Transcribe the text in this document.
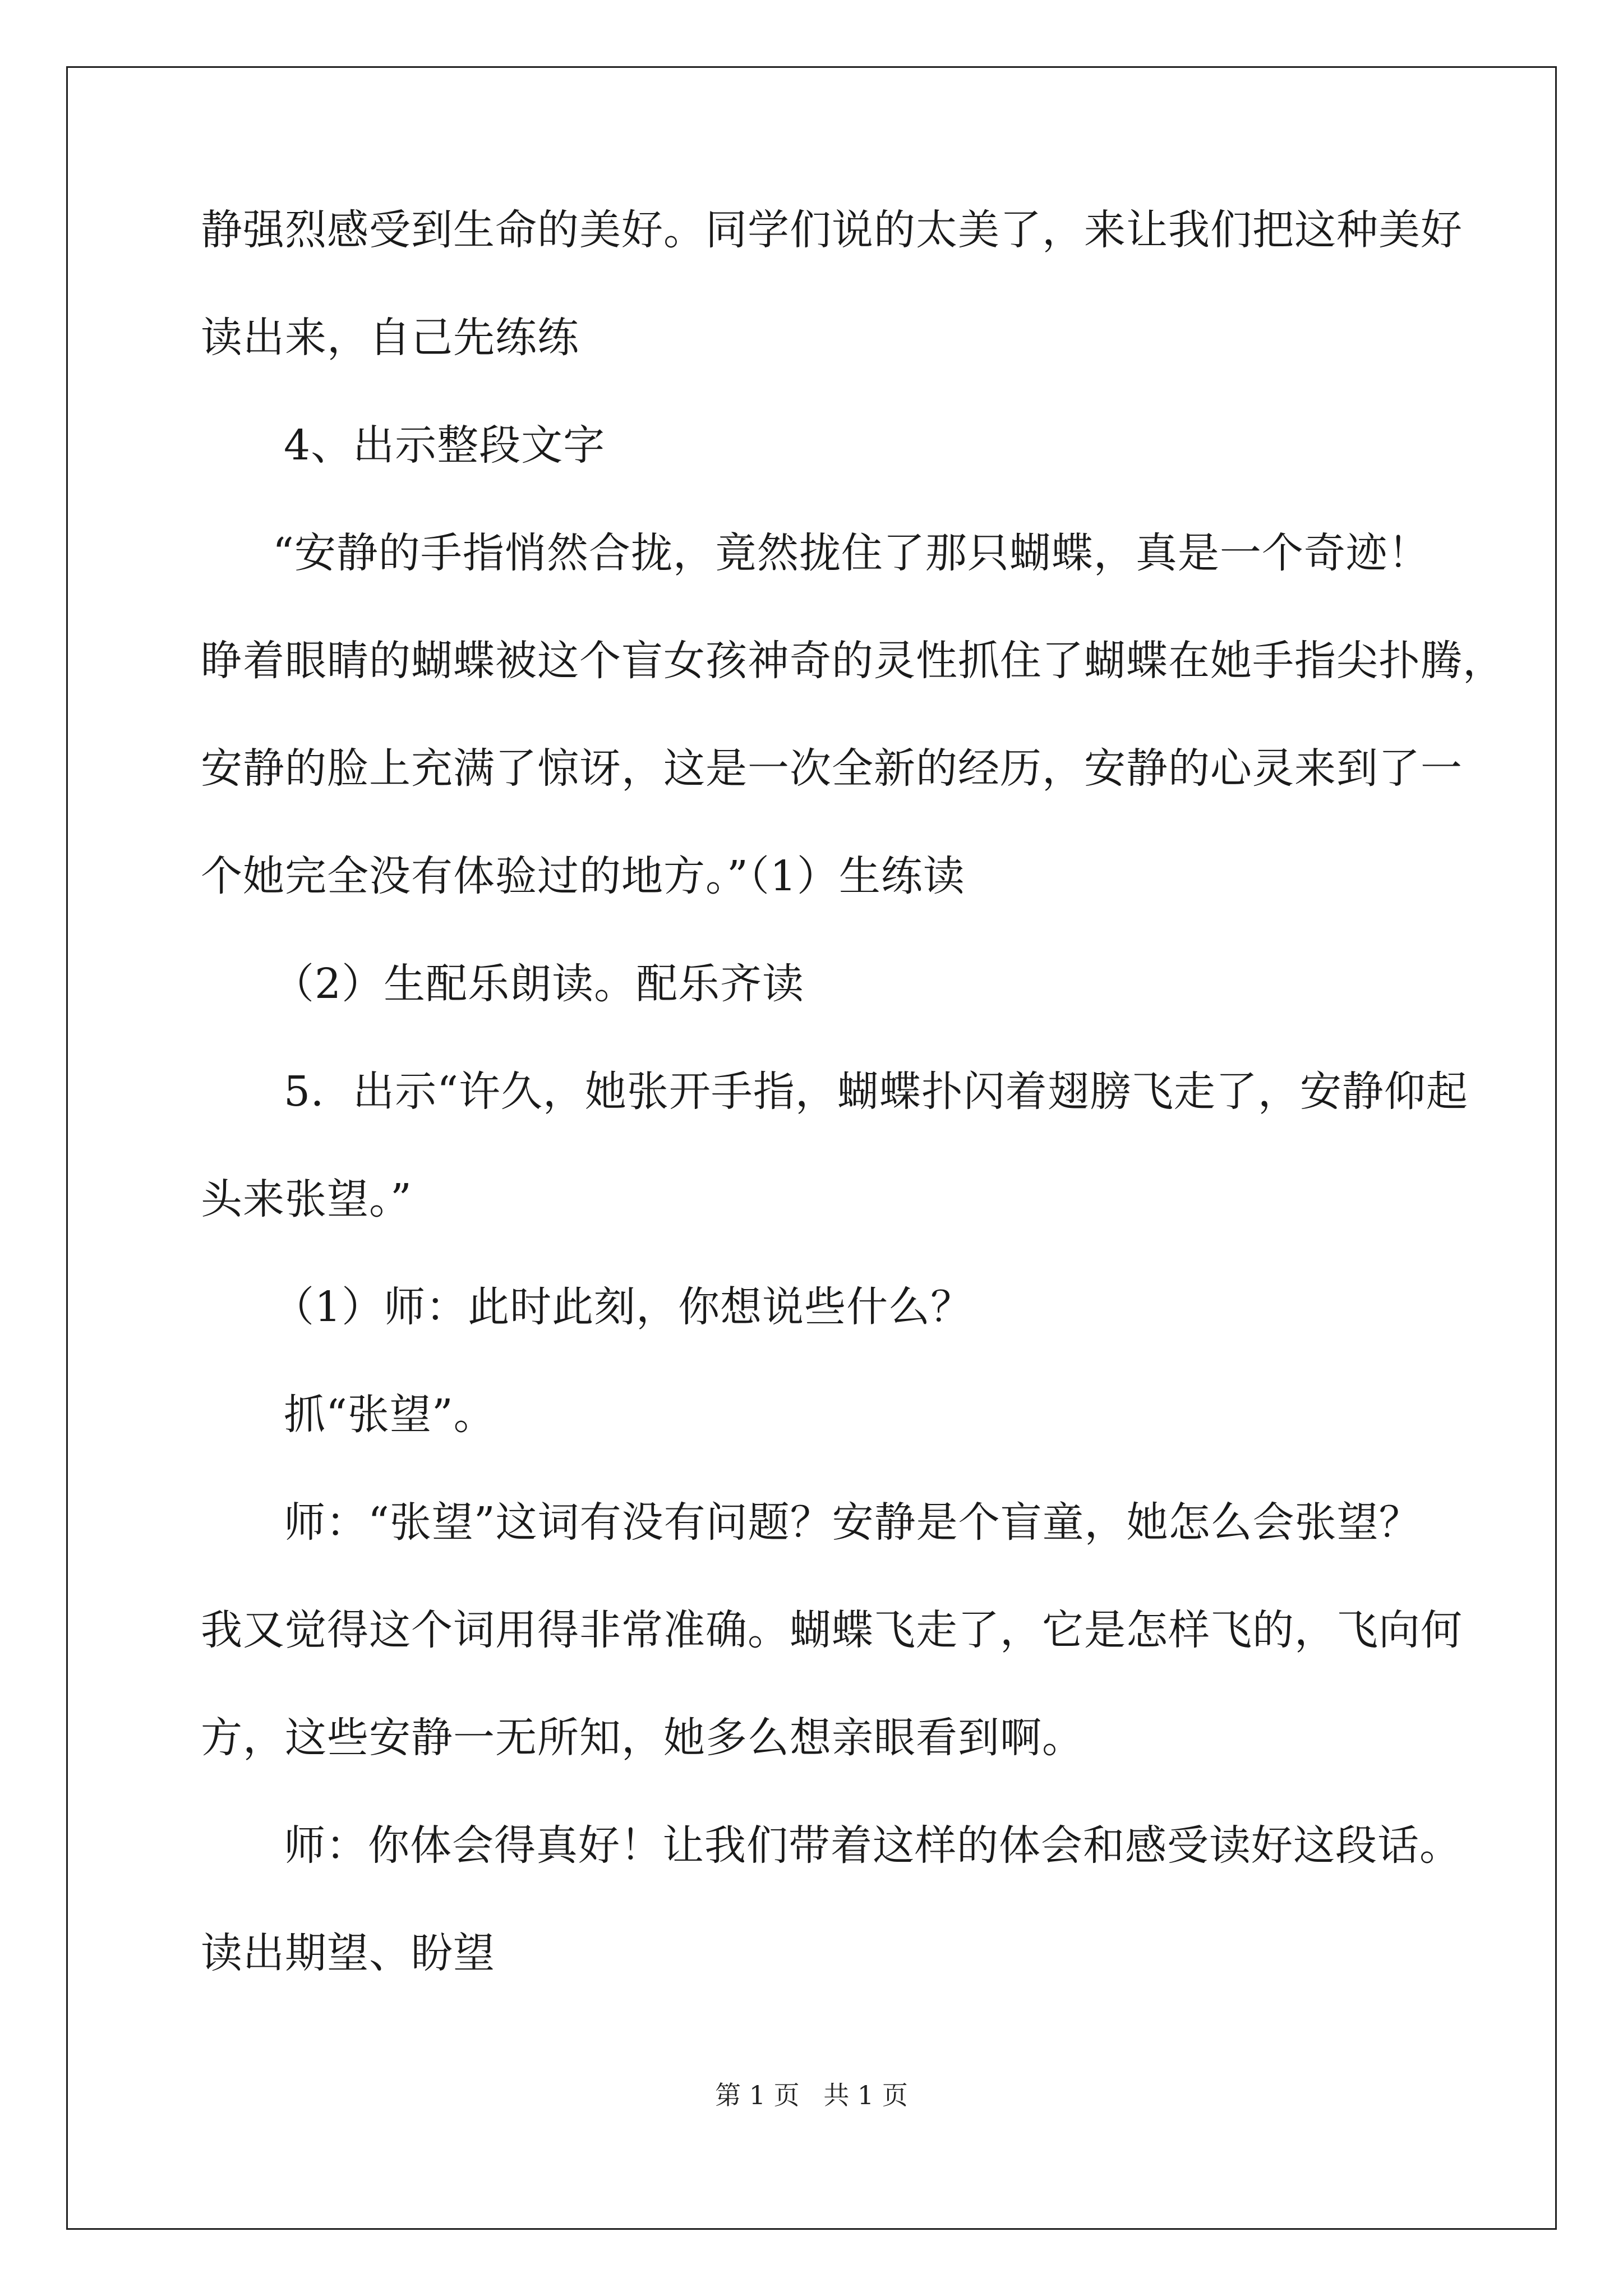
静强烈感受到生命的美好。同学们说的太美了，来让我们把这种美好
读出来，自己先练练
4、出示整段文字
“安静的手指悄然合拢，竟然拢住了那只蝴蝶，真是一个奇迹！
睁着眼睛的蝴蝶被这个盲女孩神奇的灵性抓住了蝴蝶在她手指尖扑腾，
安静的脸上充满了惊讶，这是一次全新的经历，安静的心灵来到了一
个她完全没有体验过的地方。”（1）生练读
（2）生配乐朗读。配乐齐读
5．出示“许久，她张开手指，蝴蝶扑闪着翅膀飞走了，安静仰起
头来张望。”
（1）师：此时此刻，你想说些什么？
抓“张望”。
师：“张望”这词有没有问题？安静是个盲童，她怎么会张望？
我又觉得这个词用得非常准确。蝴蝶飞走了，它是怎样飞的，飞向何
方，这些安静一无所知，她多么想亲眼看到啊。
师：你体会得真好！让我们带着这样的体会和感受读好这段话。
读出期望、盼望
第 1 页 共 1 页
